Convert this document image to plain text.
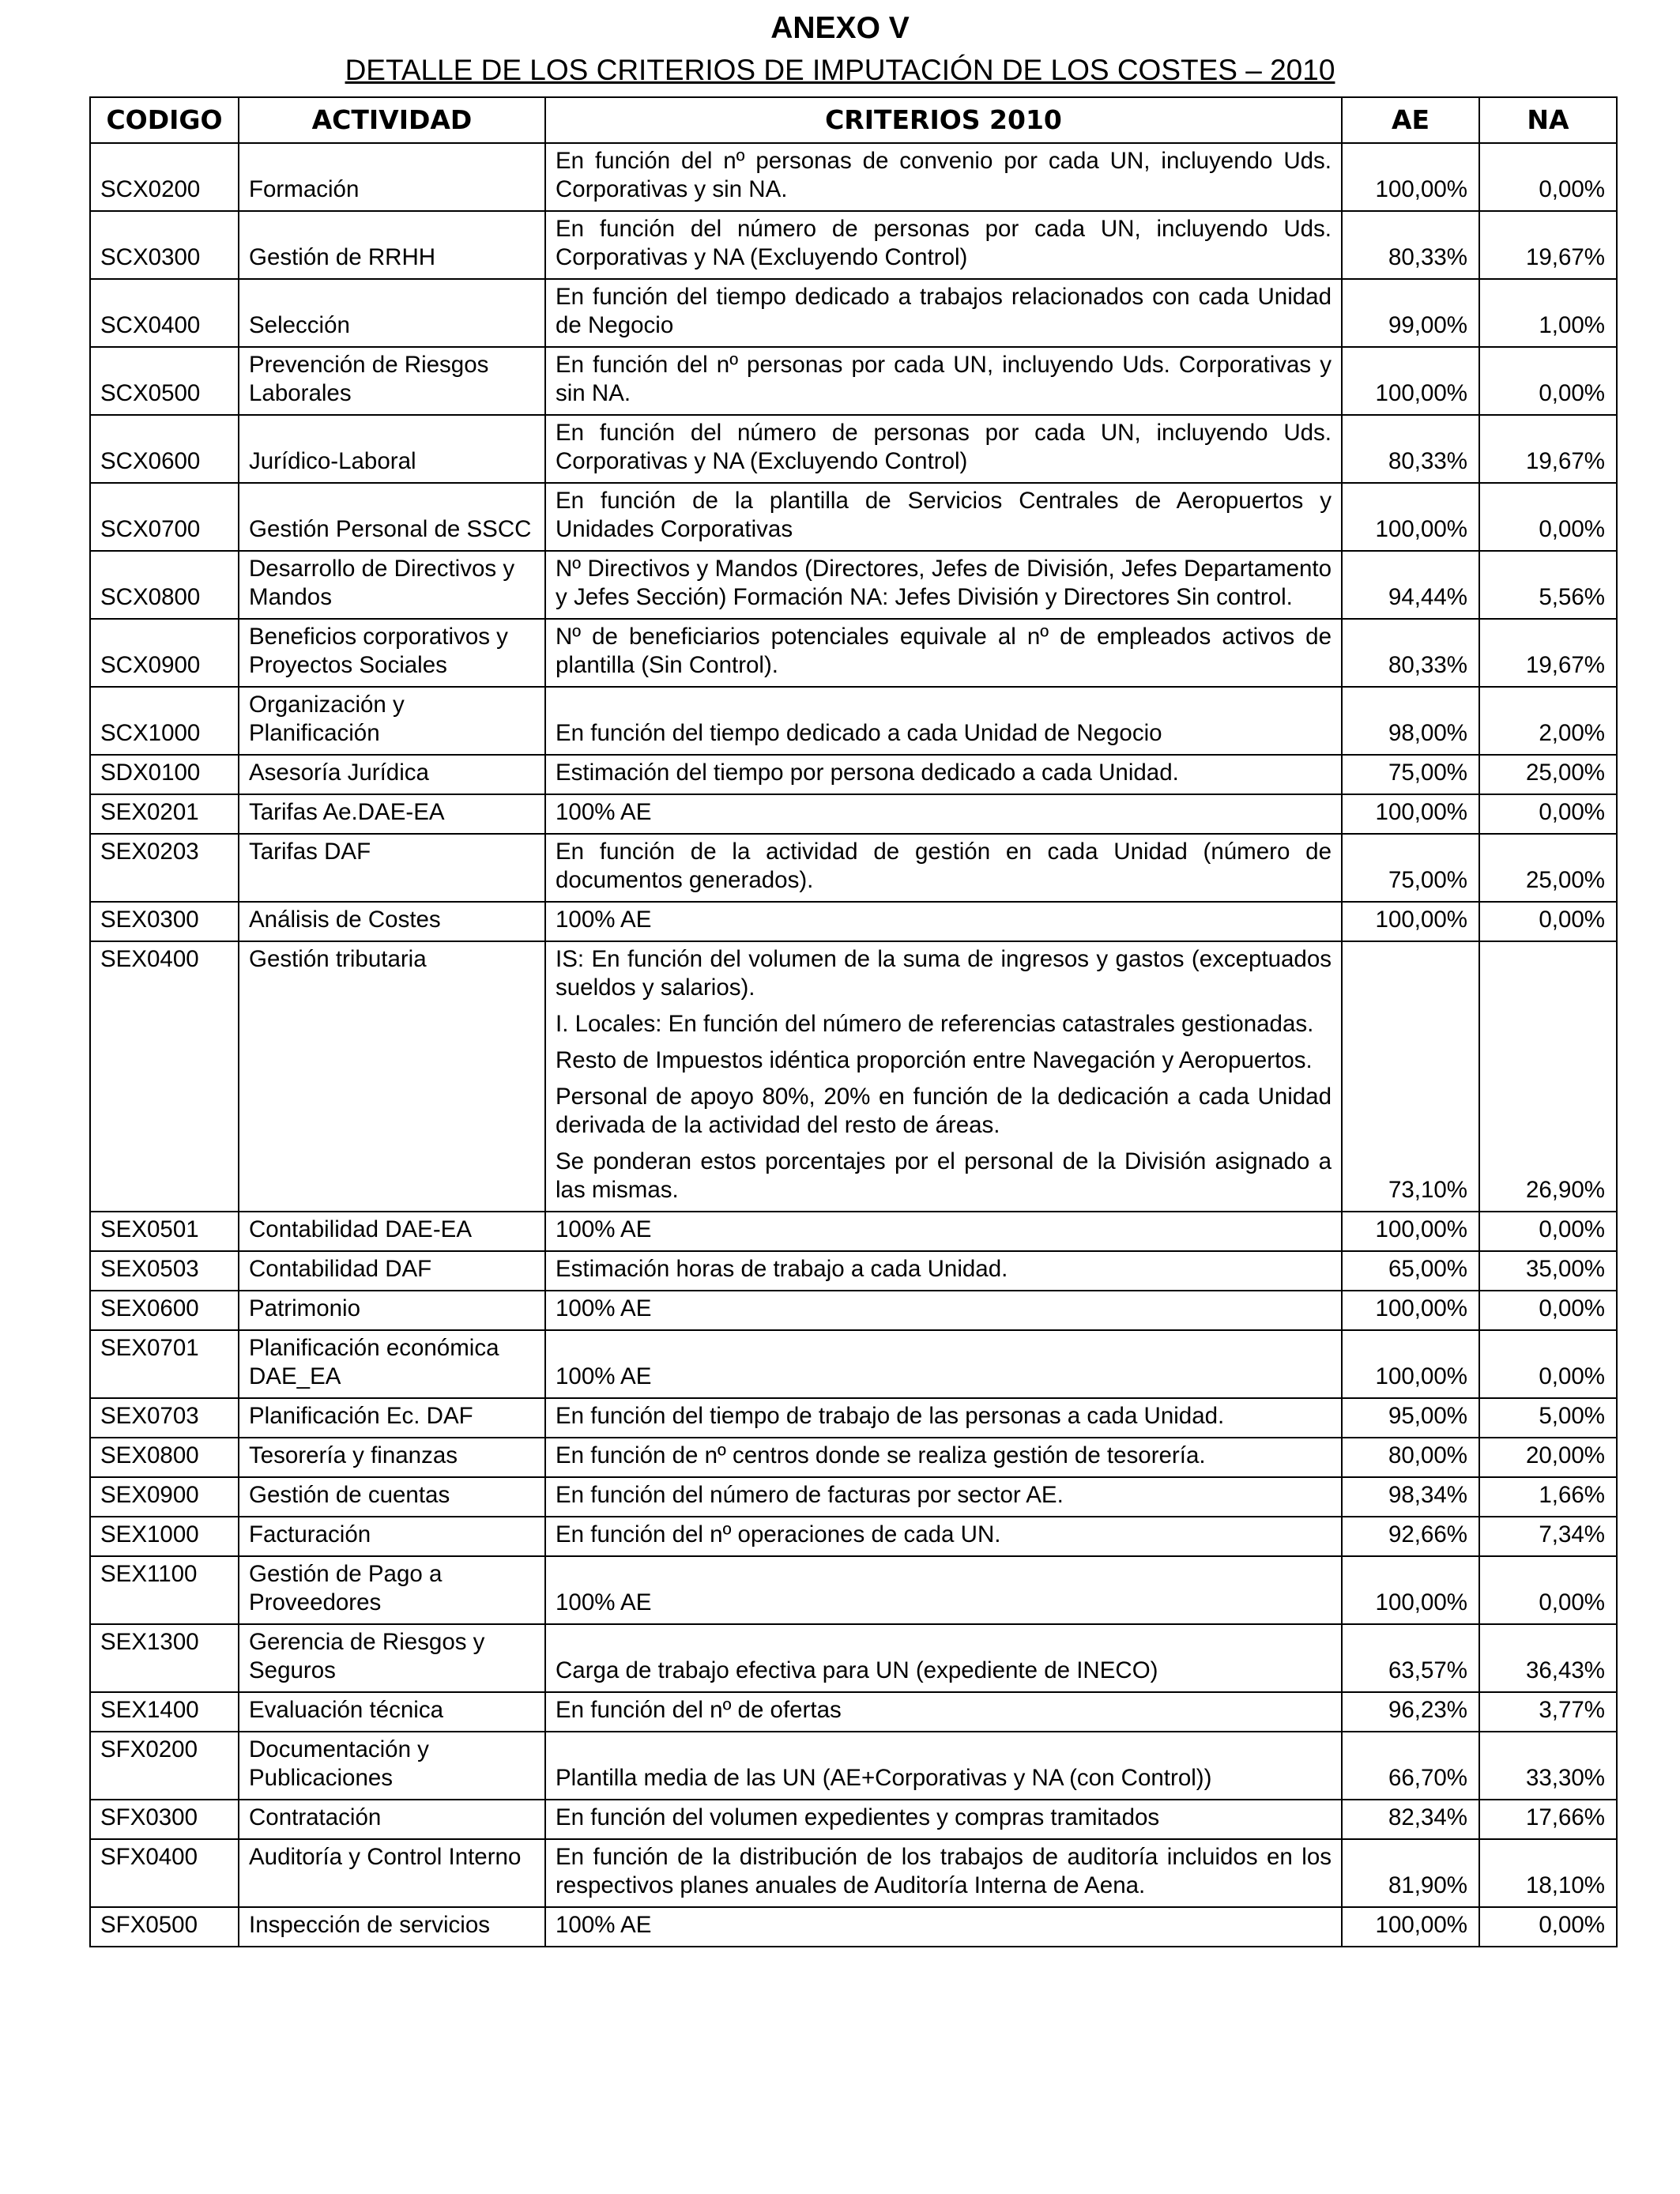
ANEXO V
DETALLE DE LOS CRITERIOS DE IMPUTACIÓN DE LOS COSTES – 2010
CODIGO	ACTIVIDAD	CRITERIOS 2010	AE	NA
SCX0200	Formación	En función del nº personas de convenio por cada UN, incluyendo Uds. Corporativas y sin NA.	100,00%	0,00%
SCX0300	Gestión de RRHH	En función del número de personas por cada UN, incluyendo Uds. Corporativas y NA (Excluyendo Control)	80,33%	19,67%
SCX0400	Selección	En función del tiempo dedicado a trabajos relacionados con cada Unidad de Negocio	99,00%	1,00%
SCX0500	Prevención de Riesgos Laborales	En función del nº personas por cada UN, incluyendo Uds. Corporativas y sin NA.	100,00%	0,00%
SCX0600	Jurídico-Laboral	En función del número de personas por cada UN, incluyendo Uds. Corporativas y NA (Excluyendo Control)	80,33%	19,67%
SCX0700	Gestión Personal de SSCC	En función de la plantilla de Servicios Centrales de Aeropuertos y Unidades Corporativas	100,00%	0,00%
SCX0800	Desarrollo de Directivos y Mandos	Nº Directivos y Mandos (Directores, Jefes de División, Jefes Departamento y Jefes Sección) Formación NA: Jefes División y Directores Sin control.	94,44%	5,56%
SCX0900	Beneficios corporativos y Proyectos Sociales	Nº de beneficiarios potenciales equivale al nº de empleados activos de plantilla (Sin Control).	80,33%	19,67%
SCX1000	Organización y Planificación	En función del tiempo dedicado a cada Unidad de Negocio	98,00%	2,00%
SDX0100	Asesoría Jurídica	Estimación del tiempo por persona dedicado a cada Unidad.	75,00%	25,00%
SEX0201	Tarifas Ae.DAE-EA	100% AE	100,00%	0,00%
SEX0203	Tarifas DAF	En función de la actividad de gestión en cada Unidad (número de documentos generados).	75,00%	25,00%
SEX0300	Análisis de Costes	100% AE	100,00%	0,00%
SEX0400	Gestión tributaria	IS: En función del volumen de la suma de ingresos y gastos (exceptuados sueldos y salarios).

I. Locales: En función del número de referencias catastrales gestionadas.

Resto de Impuestos idéntica proporción entre Navegación y Aeropuertos.

Personal de apoyo 80%, 20% en función de la dedicación a cada Unidad derivada de la actividad del resto de áreas.

Se ponderan estos porcentajes por el personal de la División asignado a las mismas.	73,10%	26,90%
SEX0501	Contabilidad DAE-EA	100% AE	100,00%	0,00%
SEX0503	Contabilidad DAF	Estimación horas de trabajo a cada Unidad.	65,00%	35,00%
SEX0600	Patrimonio	100% AE	100,00%	0,00%
SEX0701	Planificación económica DAE_EA	100% AE	100,00%	0,00%
SEX0703	Planificación Ec. DAF	En función del tiempo de trabajo de las personas a cada Unidad.	95,00%	5,00%
SEX0800	Tesorería y finanzas	En función de nº centros donde se realiza gestión de tesorería.	80,00%	20,00%
SEX0900	Gestión de cuentas	En función del número de facturas por sector AE.	98,34%	1,66%
SEX1000	Facturación	En función del nº operaciones de cada UN.	92,66%	7,34%
SEX1100	Gestión de Pago a Proveedores	100% AE	100,00%	0,00%
SEX1300	Gerencia de Riesgos y Seguros	Carga de trabajo efectiva para UN (expediente de INECO)	63,57%	36,43%
SEX1400	Evaluación técnica	En función del nº de ofertas	96,23%	3,77%
SFX0200	Documentación y Publicaciones	Plantilla media de las UN (AE+Corporativas y NA (con Control))	66,70%	33,30%
SFX0300	Contratación	En función del volumen expedientes y compras tramitados	82,34%	17,66%
SFX0400	Auditoría y Control Interno	En función de la distribución de los trabajos de auditoría incluidos en los respectivos planes anuales de Auditoría Interna de Aena.	81,90%	18,10%
SFX0500	Inspección de servicios	100% AE	100,00%	0,00%
